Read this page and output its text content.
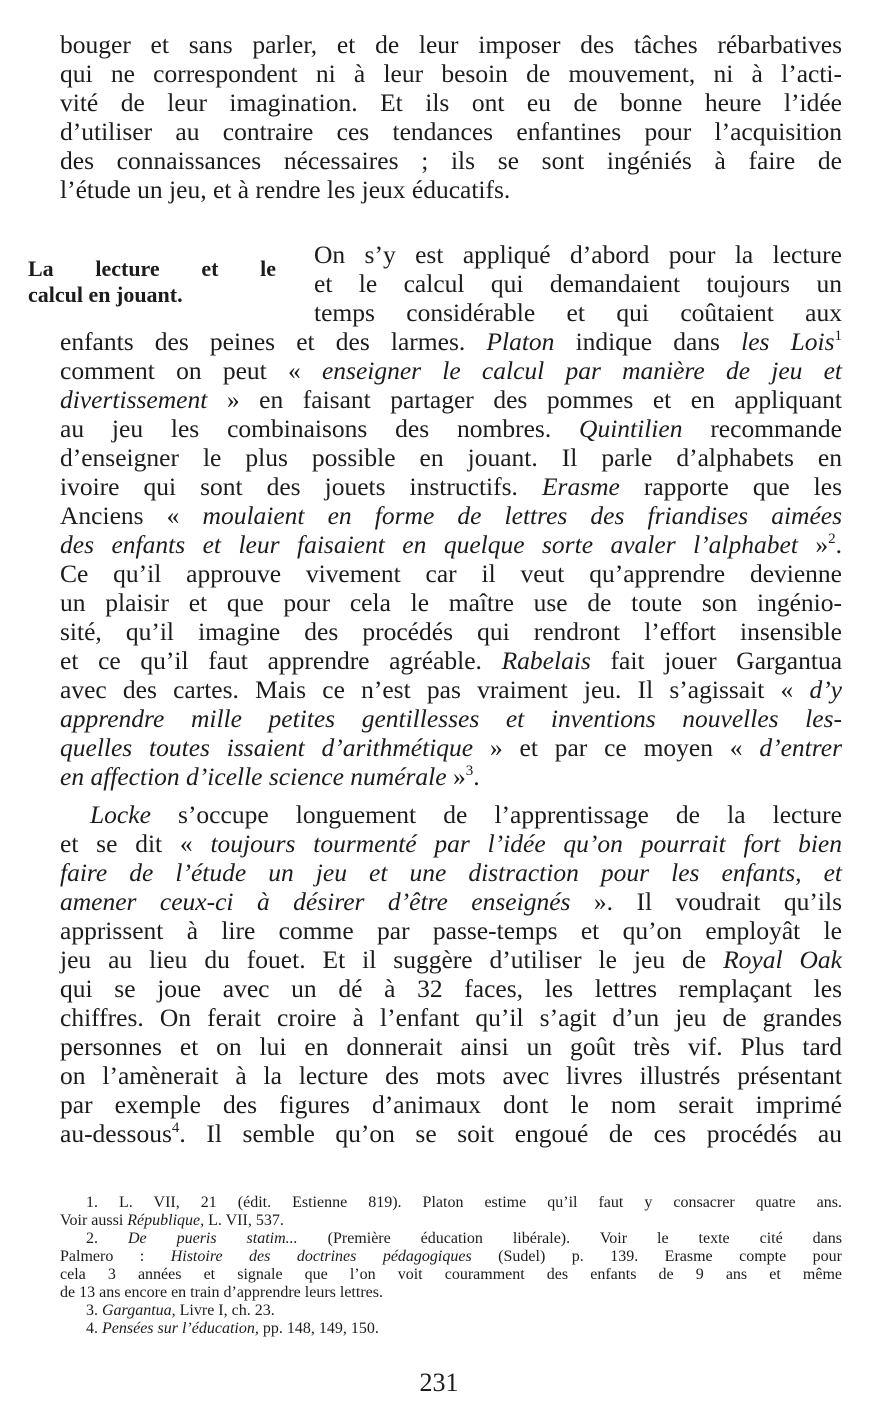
bouger et sans parler, et de leur imposer des tâches rébarbatives
qui ne correspondent ni à leur besoin de mouvement, ni à l’acti-
vité de leur imagination. Et ils ont eu de bonne heure l’idée
d’utiliser au contraire ces tendances enfantines pour l’acquisition
des connaissances nécessaires ; ils se sont ingéniés à faire de
l’étude un jeu, et à rendre les jeux éducatifs.
La lecture et le
calcul en jouant.
On s’y est appliqué d’abord pour la lecture
et le calcul qui demandaient toujours un
temps considérable et qui coûtaient aux
enfants des peines et des larmes. Platon indique dans les Lois$^1$
comment on peut « enseigner le calcul par manière de jeu et
divertissement » en faisant partager des pommes et en appliquant
au jeu les combinaisons des nombres. Quintilien recommande
d’enseigner le plus possible en jouant. Il parle d’alphabets en
ivoire qui sont des jouets instructifs. Erasme rapporte que les
Anciens « moulaient en forme de lettres des friandises aimées
des enfants et leur faisaient en quelque sorte avaler l’alphabet »$^2$.
Ce qu’il approuve vivement car il veut qu’apprendre devienne
un plaisir et que pour cela le maître use de toute son ingénio-
sité, qu’il imagine des procédés qui rendront l’effort insensible
et ce qu’il faut apprendre agréable. Rabelais fait jouer Gargantua
avec des cartes. Mais ce n’est pas vraiment jeu. Il s’agissait « d’y
apprendre mille petites gentillesses et inventions nouvelles les-
quelles toutes issaient d’arithmétique » et par ce moyen « d’entrer
en affection d’icelle science numérale »$^3$.
Locke s’occupe longuement de l’apprentissage de la lecture
et se dit « toujours tourmenté par l’idée qu’on pourrait fort bien
faire de l’étude un jeu et une distraction pour les enfants, et
amener ceux-ci à désirer d’être enseignés ». Il voudrait qu’ils
apprissent à lire comme par passe-temps et qu’on employât le
jeu au lieu du fouet. Et il suggère d’utiliser le jeu de Royal Oak
qui se joue avec un dé à 32 faces, les lettres remplaçant les
chiffres. On ferait croire à l’enfant qu’il s’agit d’un jeu de grandes
personnes et on lui en donnerait ainsi un goût très vif. Plus tard
on l’amènerait à la lecture des mots avec livres illustrés présentant
par exemple des figures d’animaux dont le nom serait imprimé
au-dessous$^4$. Il semble qu’on se soit engoué de ces procédés au
1. L. VII, 21 (édit. Estienne 819). Platon estime qu’il faut y consacrer quatre ans.
Voir aussi République, L. VII, 537.
2. De pueris statim... (Première éducation libérale). Voir le texte cité dans
Palmero : Histoire des doctrines pédagogiques (Sudel) p. 139. Erasme compte pour
cela 3 années et signale que l’on voit couramment des enfants de 9 ans et même
de 13 ans encore en train d’apprendre leurs lettres.
3. Gargantua, Livre I, ch. 23.
4. Pensées sur l’éducation, pp. 148, 149, 150.
231
